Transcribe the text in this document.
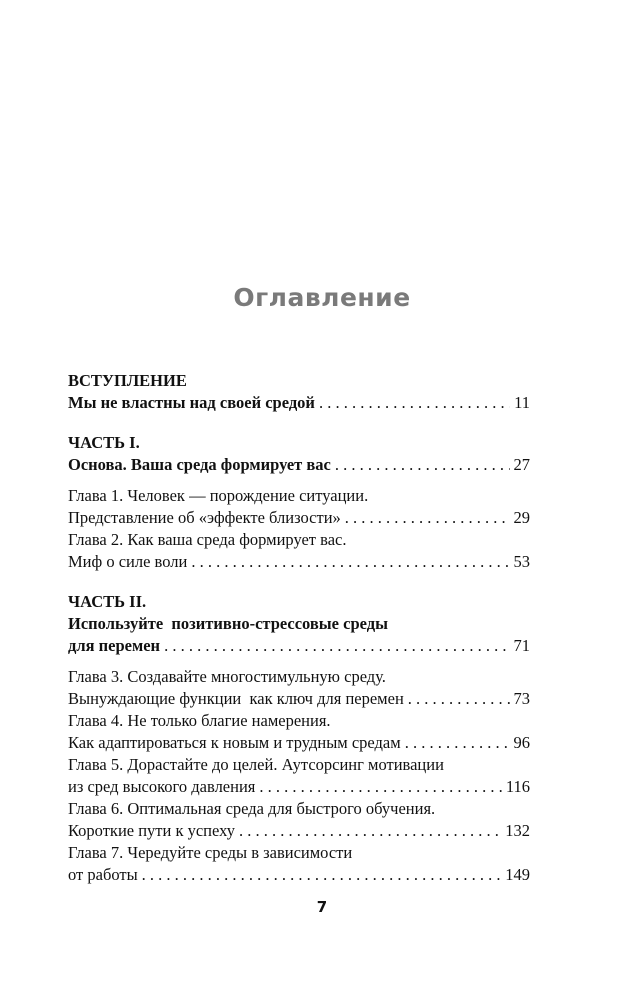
Оглавление
ВСТУПЛЕНИЕ
Мы не властны над своей средой . . .	11
ЧАСТЬ I.
Основа. Ваша среда формирует вас . . .	27
Глава 1. Человек — порождение ситуации.
Представление об «эффекте близости» . . .	29
Глава 2. Как ваша среда формирует вас.
Миф о силе воли . . .	53
ЧАСТЬ II.
Используйте  позитивно-стрессовые среды
для перемен . . .	71
Глава 3. Создавайте многостимульную среду.
Вынуждающие функции  как ключ для перемен . . .	73
Глава 4. Не только благие намерения.
Как адаптироваться к новым и трудным средам . . .	96
Глава 5. Дорастайте до целей. Аутсорсинг мотивации
из сред высокого давления . . .	116
Глава 6. Оптимальная среда для быстрого обучения.
Короткие пути к успеху . . .	132
Глава 7. Чередуйте среды в зависимости
от работы . . .	149
7
